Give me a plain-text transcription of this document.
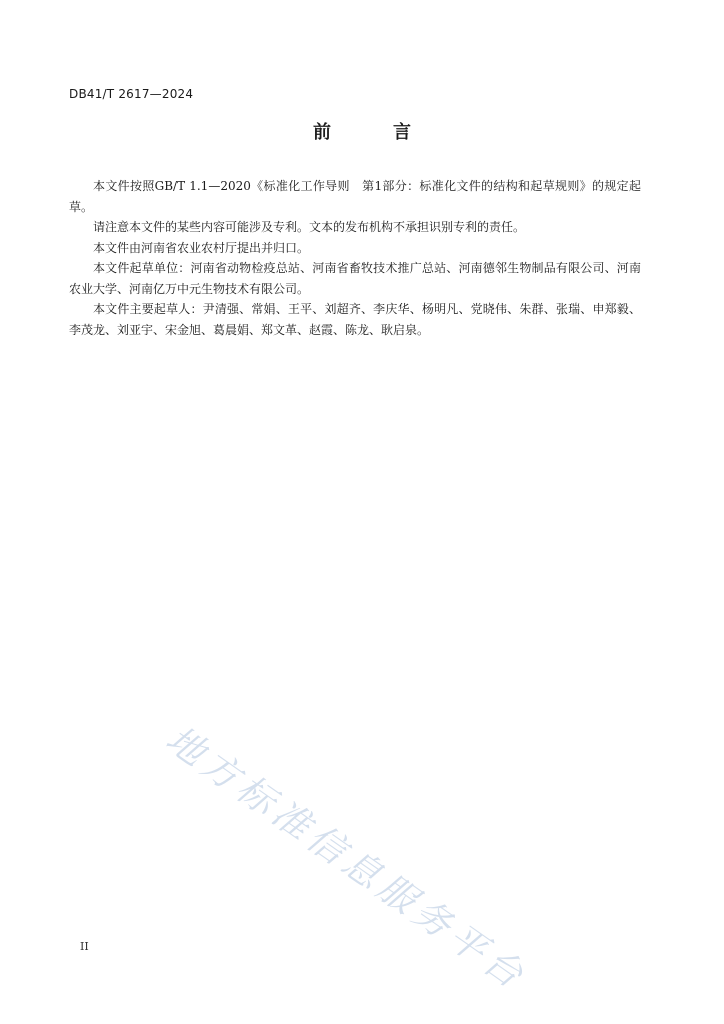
DB41/T 2617—2024
前　言

本文件按照GB/T 1.1—2020《标准化工作导则　第1部分：标准化文件的结构和起草规则》的规定起草。

请注意本文件的某些内容可能涉及专利。文本的发布机构不承担识别专利的责任。

本文件由河南省农业农村厅提出并归口。

本文件起草单位：河南省动物检疫总站、河南省畜牧技术推广总站、河南德邻生物制品有限公司、河南农业大学、河南亿万中元生物技术有限公司。

本文件主要起草人：尹清强、常娟、王平、刘超齐、李庆华、杨明凡、党晓伟、朱群、张瑞、申郑毅、李茂龙、刘亚宇、宋金旭、葛晨娟、郑文革、赵霞、陈龙、耿启泉。

地方标准信息服务平台
II
